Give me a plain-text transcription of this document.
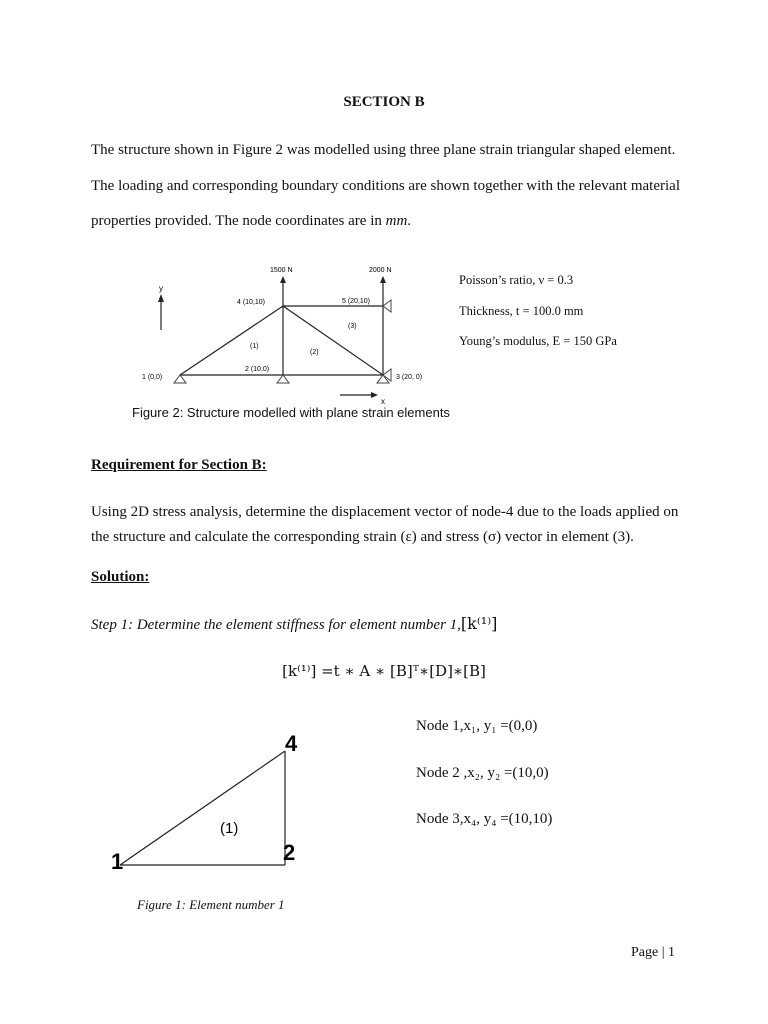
SECTION B
The structure shown in Figure 2 was modelled using three plane strain triangular shaped element.
The loading and corresponding boundary conditions are shown together with the relevant material
properties provided. The node coordinates are in mm.
y
1500 N	2000 N
1 (0,0)
2 (10,0)
3 (20, 0)
4 (10,10)	5 (20,10)
(1)
(2)
(3)
x
Figure 2: Structure modelled with plane strain elements
Poisson’s ratio, ν = 0.3
Thickness, t = 100.0 mm
Young’s modulus, E = 150 GPa
Requirement for Section B:
Using 2D stress analysis, determine the displacement vector of node-4 due to the loads applied on
the structure and calculate the corresponding strain (ε) and stress (σ) vector in element (3).
Solution:
Step 1: Determine the element stiffness for element number 1,[k⁽¹⁾]
[k⁽¹⁾] =t ∗ A ∗ [B]ᵀ∗[D]∗[B]
1	2
4
(1)
Figure 1: Element number 1
Node 1,x₁, y₁ =(0,0)
Node 2 ,x₂, y₂ =(10,0)
Node 3,x₄, y₄ =(10,10)
Page | 1
